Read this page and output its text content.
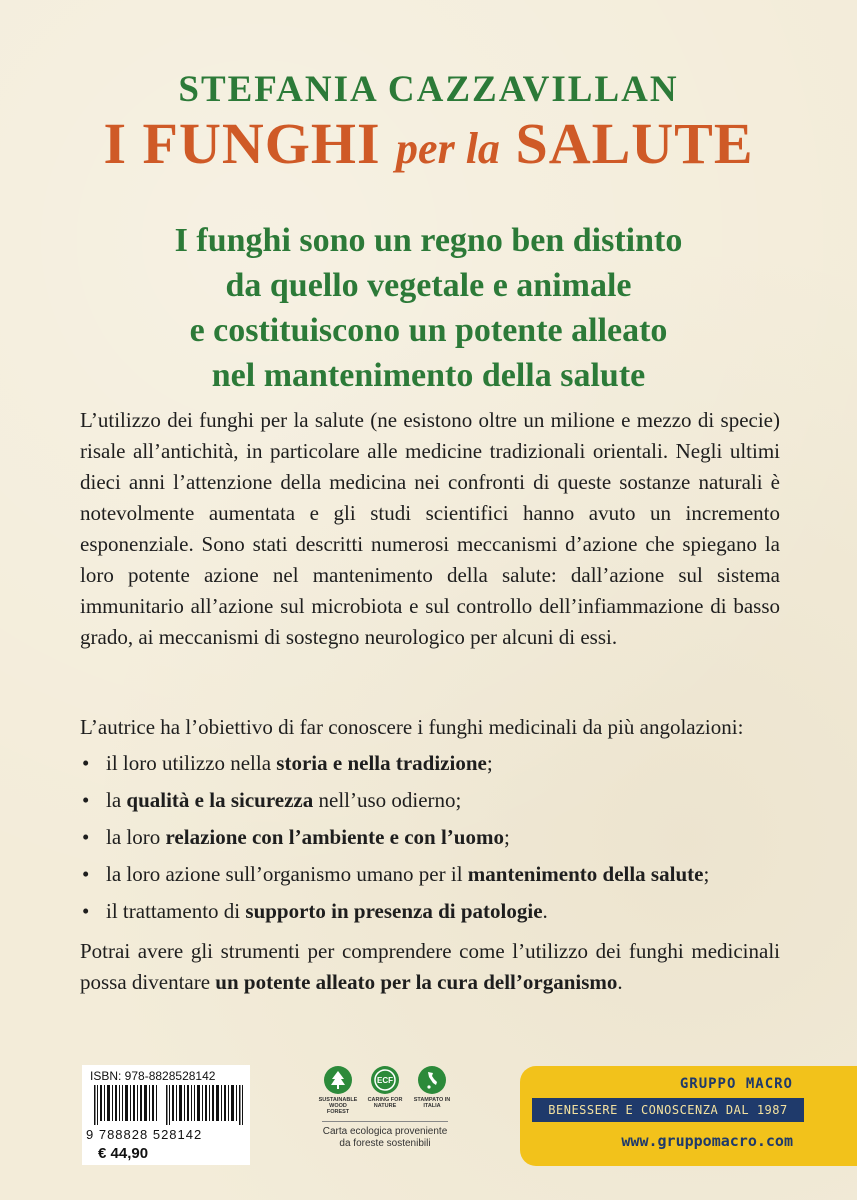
STEFANIA CAZZAVILLAN
I FUNGHI per la SALUTE
I funghi sono un regno ben distinto
da quello vegetale e animale
e costituiscono un potente alleato
nel mantenimento della salute

L’utilizzo dei funghi per la salute (ne esistono oltre un milione e mezzo di specie) risale all’antichità, in particolare alle medicine tradizionali orientali. Negli ultimi dieci anni l’attenzione della medicina nei confronti di queste sostanze naturali è notevolmente aumentata e gli studi scientifici hanno avuto un incremento esponenziale. Sono stati descritti numerosi meccanismi d’azione che spiegano la loro potente azione nel mantenimento della salute: dall’azione sul sistema immunitario all’azione sul microbiota e sul controllo dell’infiammazione di basso grado, ai meccanismi di sostegno neurologico per alcuni di essi.

L’autrice ha l’obiettivo di far conoscere i funghi medicinali da più angolazioni:
• il loro utilizzo nella storia e nella tradizione;
• la qualità e la sicurezza nell’uso odierno;
• la loro relazione con l’ambiente e con l’uomo;
• la loro azione sull’organismo umano per il mantenimento della salute;
• il trattamento di supporto in presenza di patologie.
Potrai avere gli strumenti per comprendere come l’utilizzo dei funghi medicinali possa diventare un potente alleato per la cura dell’organismo.
ISBN: 978-8828528142
9 788828 528142
€ 44,90
SUSTAINABLE WOOD FOREST
ECF
CARING FOR NATURE
STAMPATO IN ITALIA
Carta ecologica proveniente da foreste sostenibili
GRUPPO MACRO
BENESSERE E CONOSCENZA DAL 1987
www.gruppomacro.com
